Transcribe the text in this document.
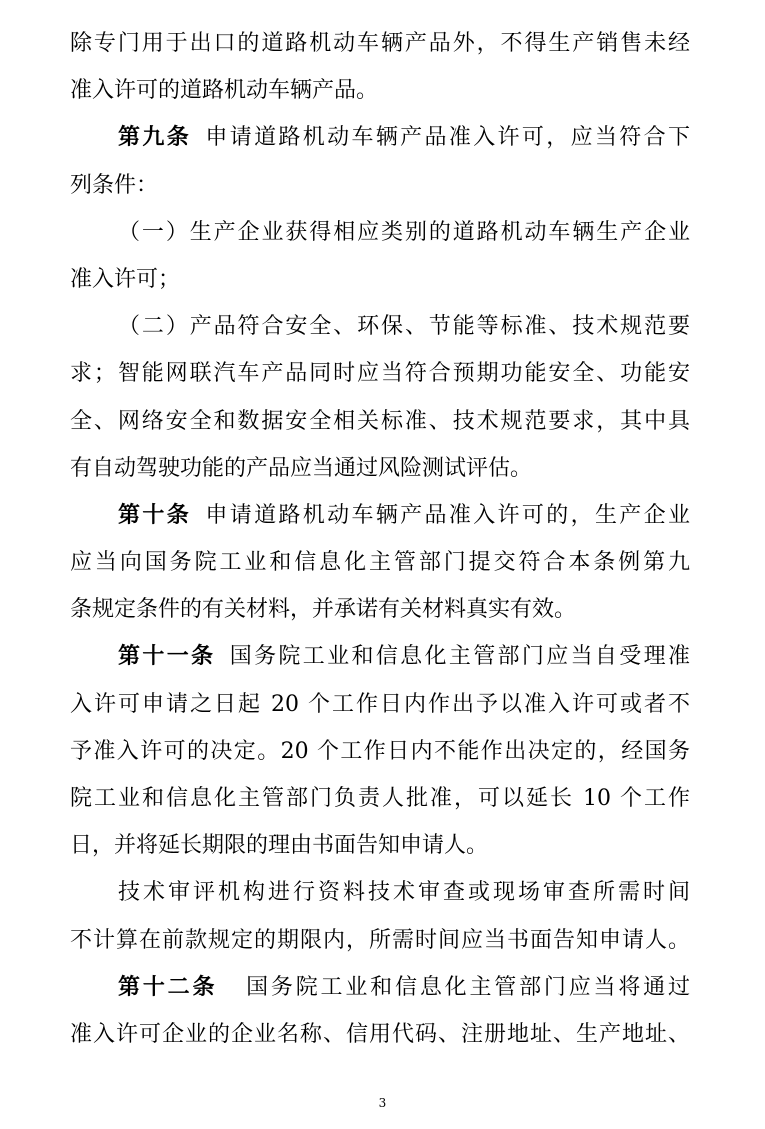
除专门用于出口的道路机动车辆产品外，不得生产销售未经
准入许可的道路机动车辆产品。
第九条 申请道路机动车辆产品准入许可，应当符合下
列条件：
（一）生产企业获得相应类别的道路机动车辆生产企业
准入许可；
（二）产品符合安全、环保、节能等标准、技术规范要
求；智能网联汽车产品同时应当符合预期功能安全、功能安
全、网络安全和数据安全相关标准、技术规范要求，其中具
有自动驾驶功能的产品应当通过风险测试评估。
第十条 申请道路机动车辆产品准入许可的，生产企业
应当向国务院工业和信息化主管部门提交符合本条例第九
条规定条件的有关材料，并承诺有关材料真实有效。
第十一条 国务院工业和信息化主管部门应当自受理准
入许可申请之日起 20 个工作日内作出予以准入许可或者不
予准入许可的决定。20 个工作日内不能作出决定的，经国务
院工业和信息化主管部门负责人批准，可以延长 10 个工作
日，并将延长期限的理由书面告知申请人。
技术审评机构进行资料技术审查或现场审查所需时间
不计算在前款规定的期限内，所需时间应当书面告知申请人。
第十二条 国务院工业和信息化主管部门应当将通过
准入许可企业的企业名称、信用代码、注册地址、生产地址、
3
